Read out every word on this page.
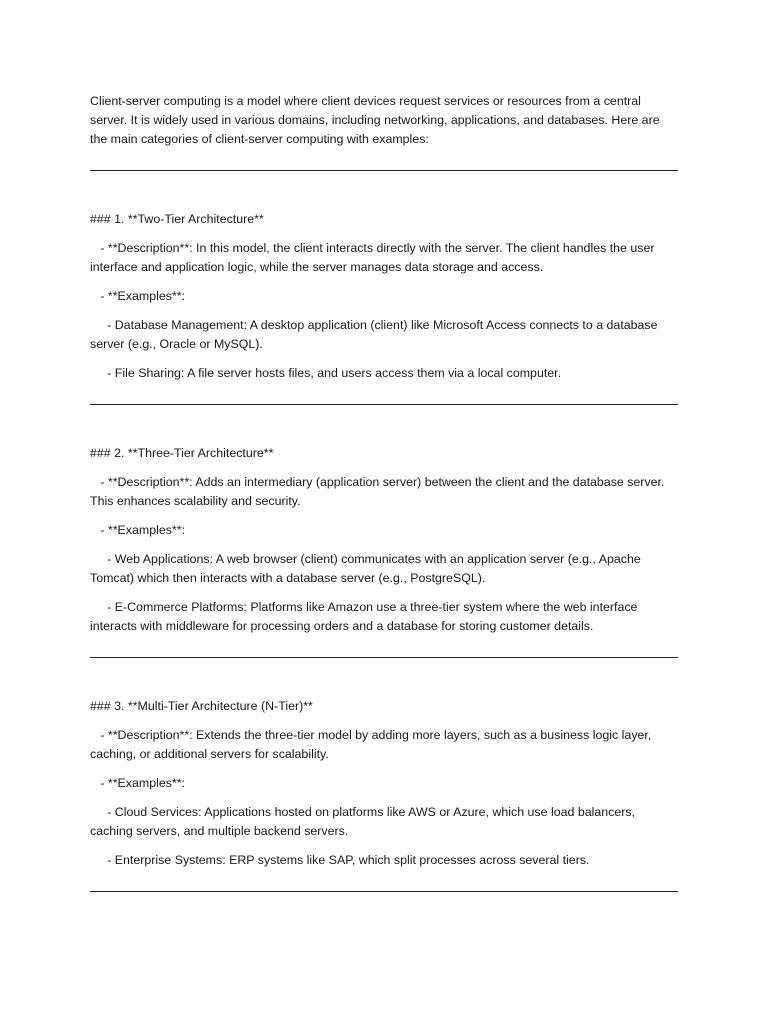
Client-server computing is a model where client devices request services or resources from a central server. It is widely used in various domains, including networking, applications, and databases. Here are the main categories of client-server computing with examples:

### 1. **Two-Tier Architecture**

- **Description**: In this model, the client interacts directly with the server. The client handles the user interface and application logic, while the server manages data storage and access.

- **Examples**:

- Database Management: A desktop application (client) like Microsoft Access connects to a database server (e.g., Oracle or MySQL).

- File Sharing: A file server hosts files, and users access them via a local computer.

### 2. **Three-Tier Architecture**

- **Description**: Adds an intermediary (application server) between the client and the database server. This enhances scalability and security.

- **Examples**:

- Web Applications: A web browser (client) communicates with an application server (e.g., Apache Tomcat) which then interacts with a database server (e.g., PostgreSQL).

- E-Commerce Platforms: Platforms like Amazon use a three-tier system where the web interface interacts with middleware for processing orders and a database for storing customer details.

### 3. **Multi-Tier Architecture (N-Tier)**

- **Description**: Extends the three-tier model by adding more layers, such as a business logic layer, caching, or additional servers for scalability.

- **Examples**:

- Cloud Services: Applications hosted on platforms like AWS or Azure, which use load balancers, caching servers, and multiple backend servers.

- Enterprise Systems: ERP systems like SAP, which split processes across several tiers.
